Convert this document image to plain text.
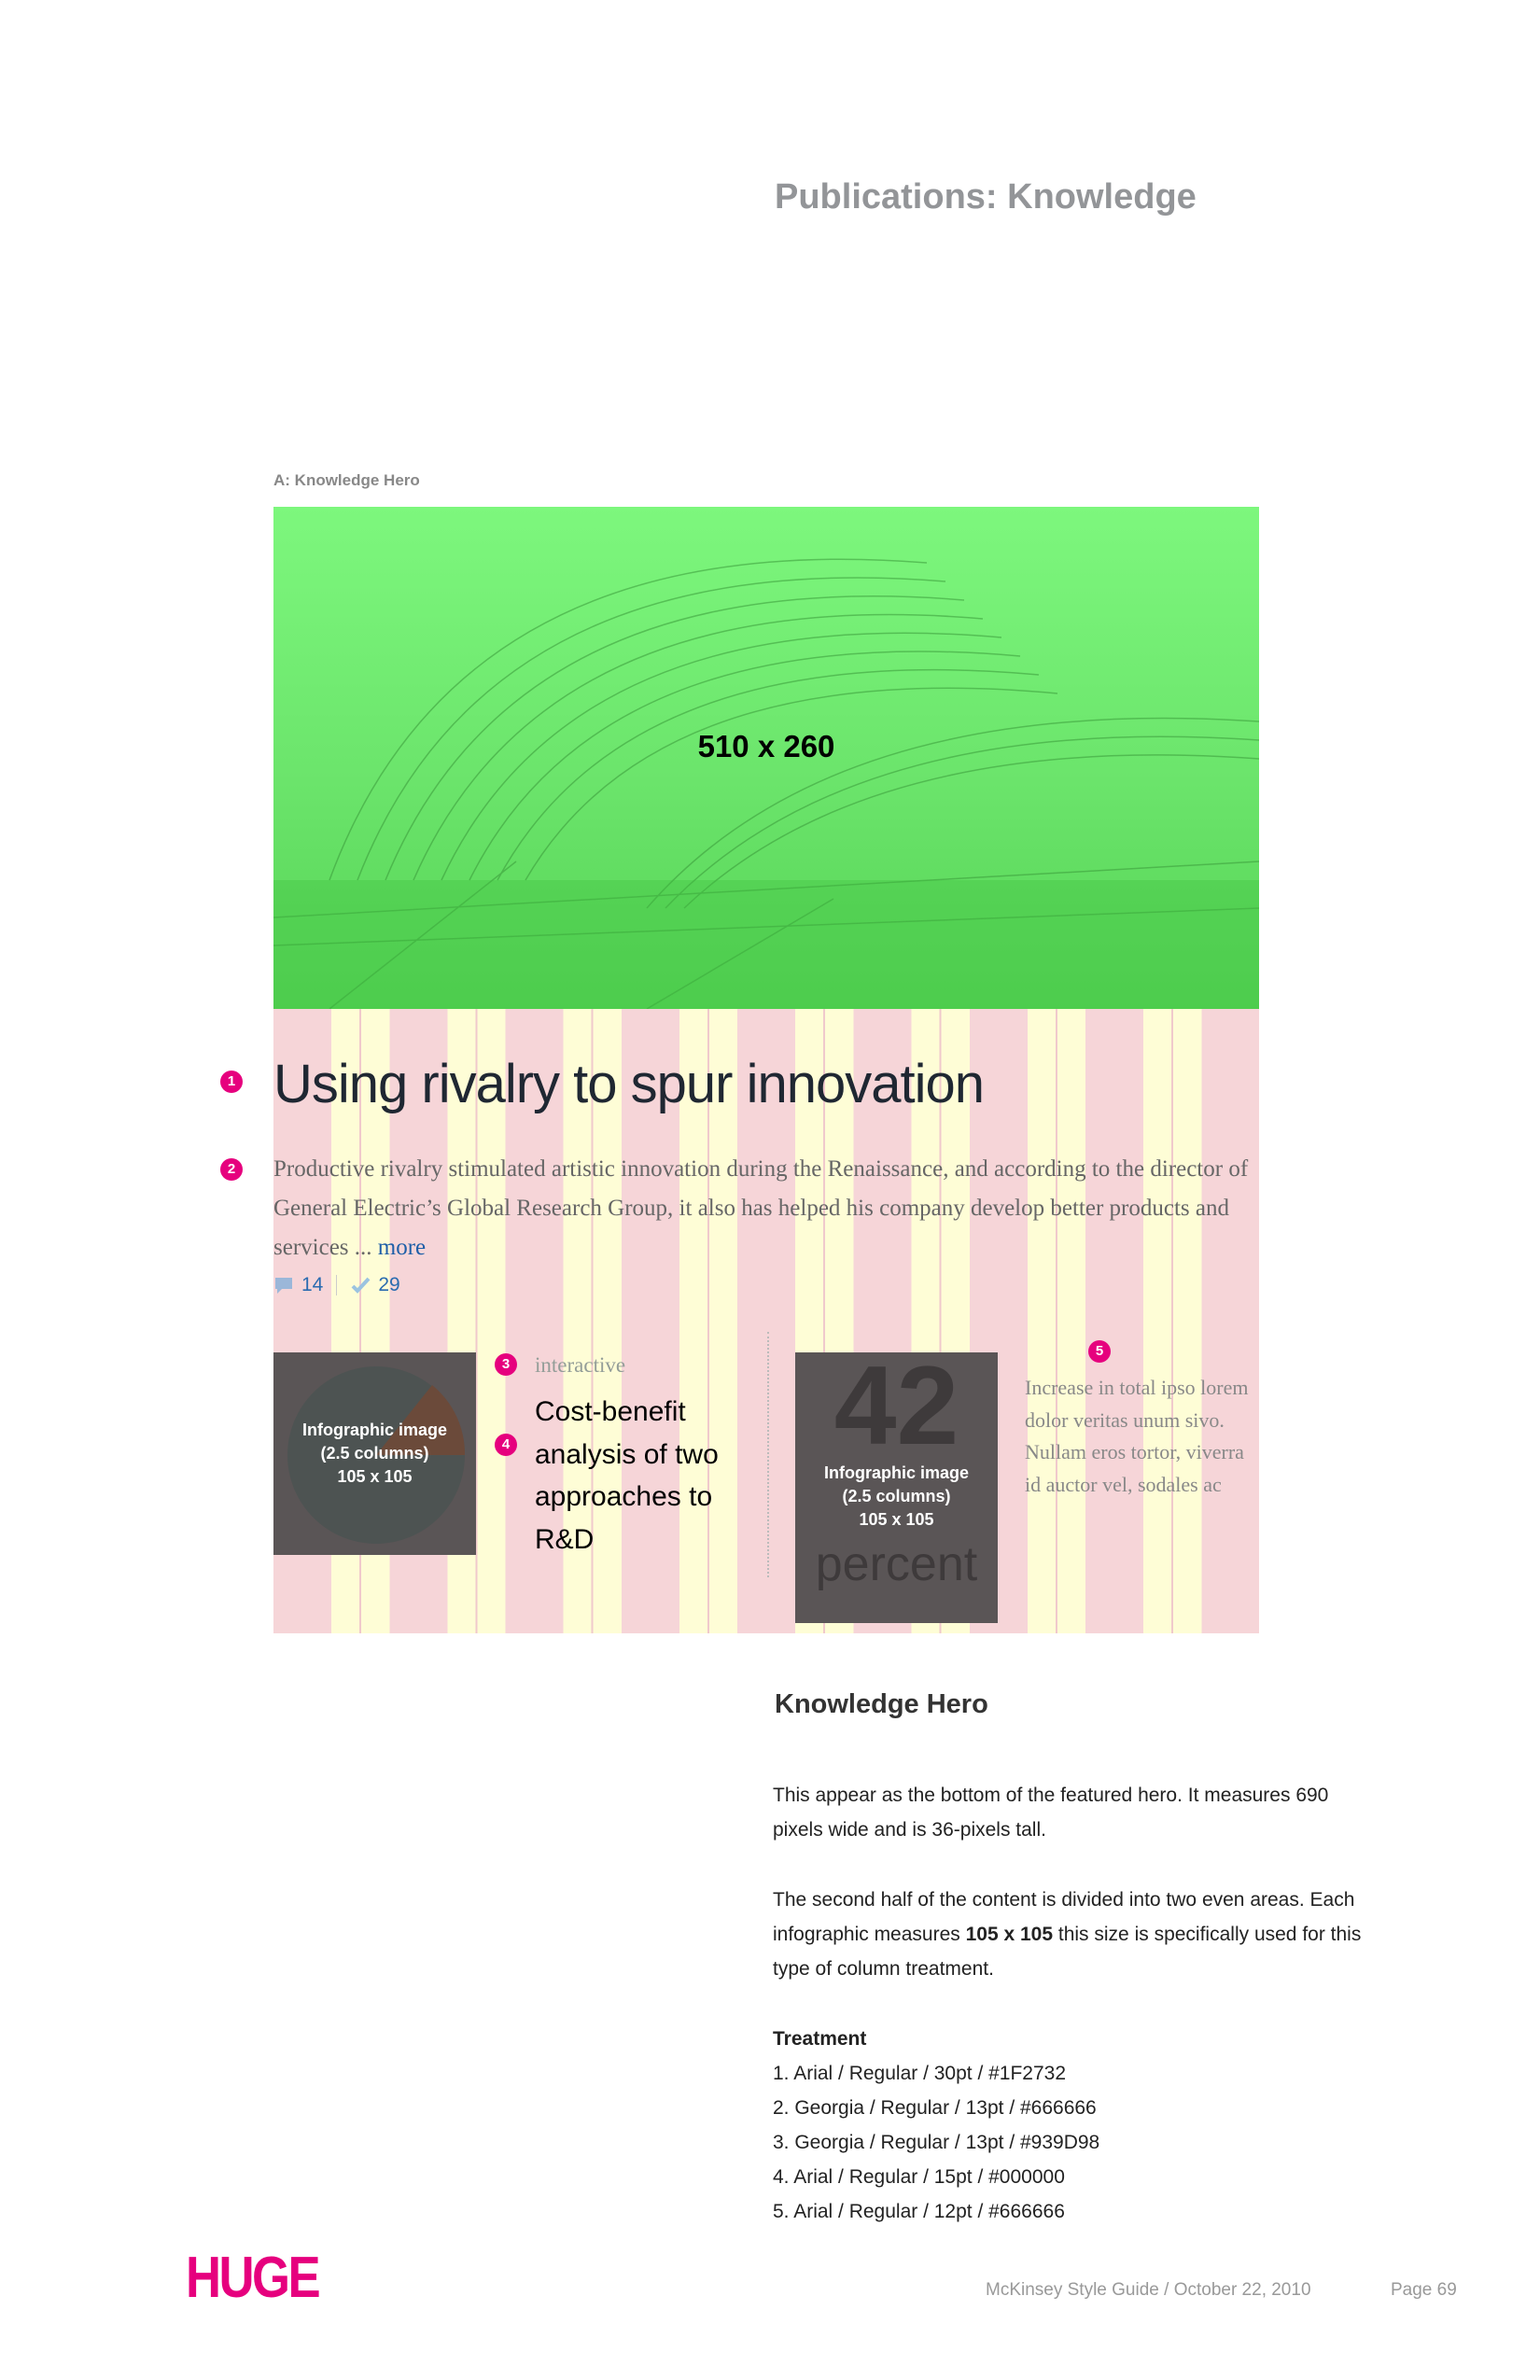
Publications: Knowledge
A: Knowledge Hero
510 x 260
1
2
3
4
5
Using rivalry to spur innovation
Productive rivalry stimulated artistic innovation during the Renaissance, and according to the director of General Electric’s Global Research Group, it also has helped his company develop better products and services ... more
14	29
Infographic image
(2.5 columns)
105 x 105
interactive
Cost-benefit analysis of two approaches to R&D
42
Infographic image
(2.5 columns)
105 x 105
percent
Increase in total ipso lorem dolor veritas unum sivo. Nullam eros tortor, viverra id auctor vel, sodales ac
Knowledge Hero
This appear as the bottom of the featured hero. It measures 690 pixels wide and is 36-pixels tall.
The second half of the content is divided into two even areas. Each infographic measures 105 x 105 this size is specifically used for this type of column treatment.
Treatment
1. Arial / Regular / 30pt / #1F2732
2. Georgia / Regular / 13pt / #666666
3. Georgia / Regular / 13pt / #939D98
4. Arial / Regular / 15pt / #000000
5. Arial / Regular / 12pt / #666666
HUGE	McKinsey Style Guide / October 22, 2010	Page 69
